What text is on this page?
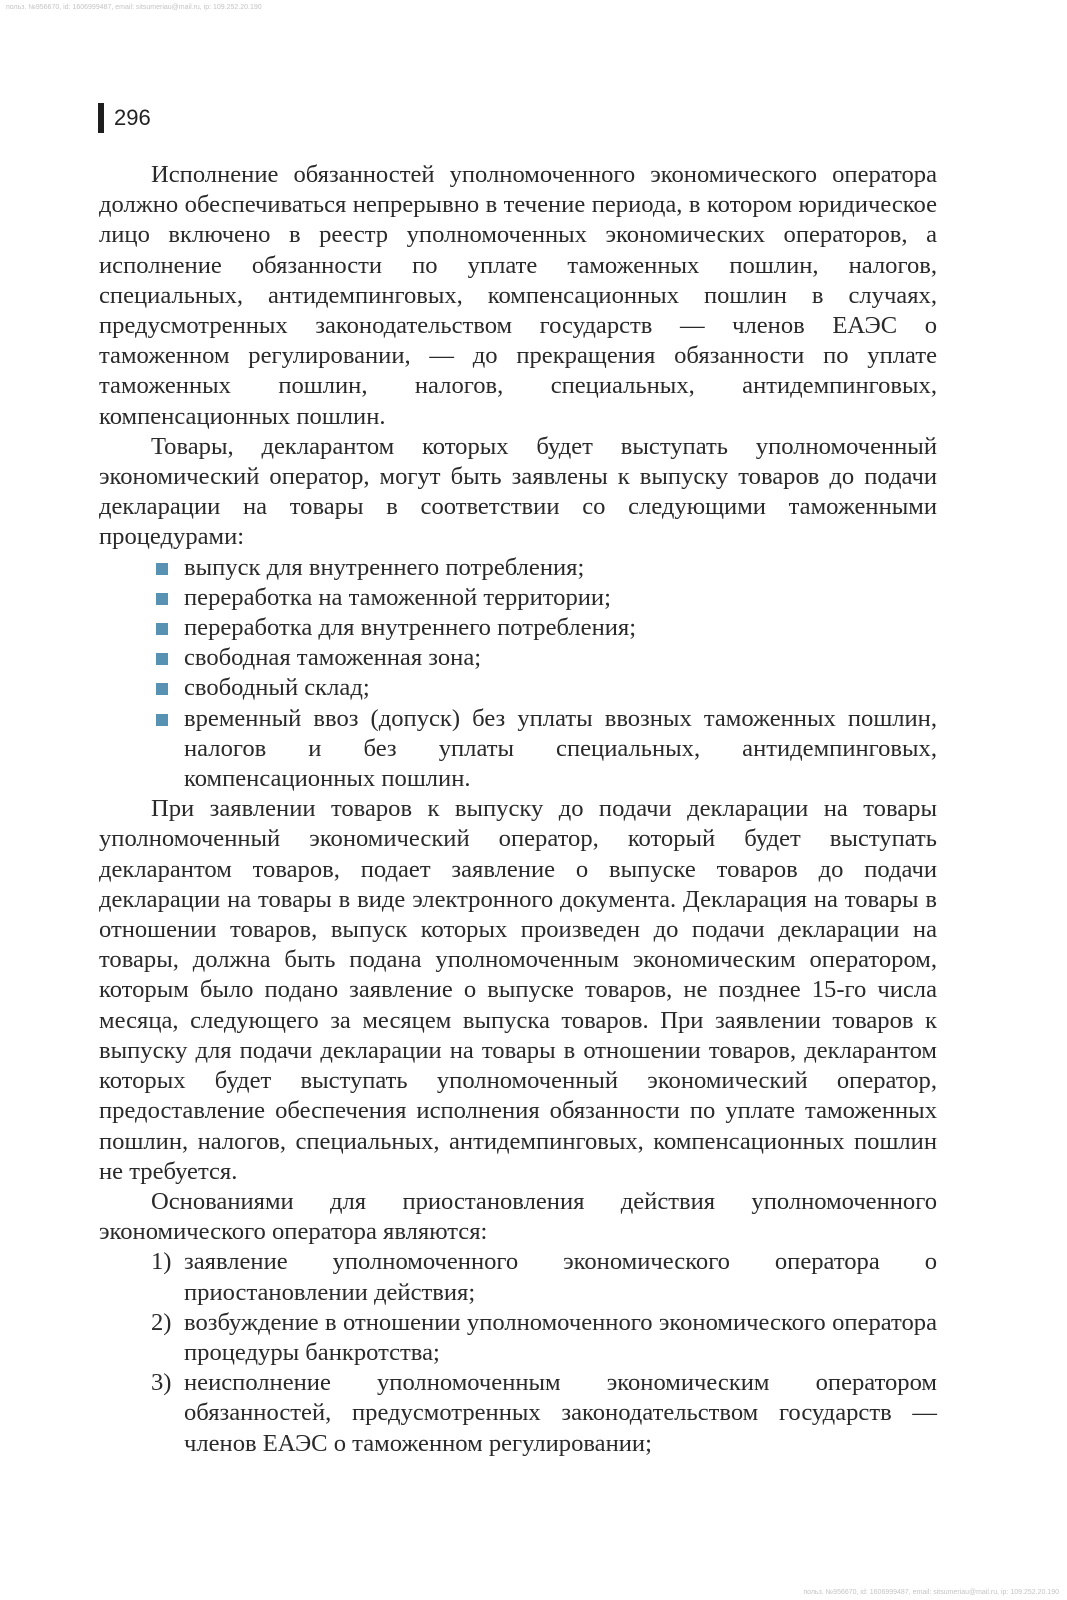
польз. №956670, id: 1606999487, email: sitsumeriau@mail.ru, ip: 109.252.20.190
296

Исполнение обязанностей уполномоченного экономического оператора должно обеспечиваться непрерывно в течение периода, в котором юридическое лицо включено в реестр уполномоченных экономических операторов, а исполнение обязанности по уплате таможенных пошлин, налогов, специальных, антидемпинговых, компенсационных пошлин в случаях, предусмотренных законодательством государств — членов ЕАЭС о таможенном регулировании, — до прекращения обязанности по уплате таможенных пошлин, налогов, специальных, антидемпинговых, компенсационных пошлин.

Товары, декларантом которых будет выступать уполномоченный экономический оператор, могут быть заявлены к выпуску товаров до подачи декларации на товары в соответствии со следующими таможенными процедурами:

выпуск для внутреннего потребления;
переработка на таможенной территории;
переработка для внутреннего потребления;
свободная таможенная зона;
свободный склад;
временный ввоз (допуск) без уплаты ввозных таможенных пошлин, налогов и без уплаты специальных, антидемпинговых, компенсационных пошлин.

При заявлении товаров к выпуску до подачи декларации на товары уполномоченный экономический оператор, который будет выступать декларантом товаров, подает заявление о выпуске товаров до подачи декларации на товары в виде электронного документа. Декларация на товары в отношении товаров, выпуск которых произведен до подачи декларации на товары, должна быть подана уполномоченным экономическим оператором, которым было подано заявление о выпуске товаров, не позднее 15-го числа месяца, следующего за месяцем выпуска товаров. При заявлении товаров к выпуску для подачи декларации на товары в отношении товаров, декларантом которых будет выступать уполномоченный экономический оператор, предоставление обеспечения исполнения обязанности по уплате таможенных пошлин, налогов, специальных, антидемпинговых, компенсационных пошлин не требуется.

Основаниями для приостановления действия уполномоченного экономического оператора являются:

1) заявление уполномоченного экономического оператора о приостановлении действия;
2) возбуждение в отношении уполномоченного экономического оператора процедуры банкротства;
3) неисполнение уполномоченным экономическим оператором обязанностей, предусмотренных законодательством государств — членов ЕАЭС о таможенном регулировании;
польз. №956670, id: 1606999487, email: sitsumeriau@mail.ru, ip: 109.252.20.190
